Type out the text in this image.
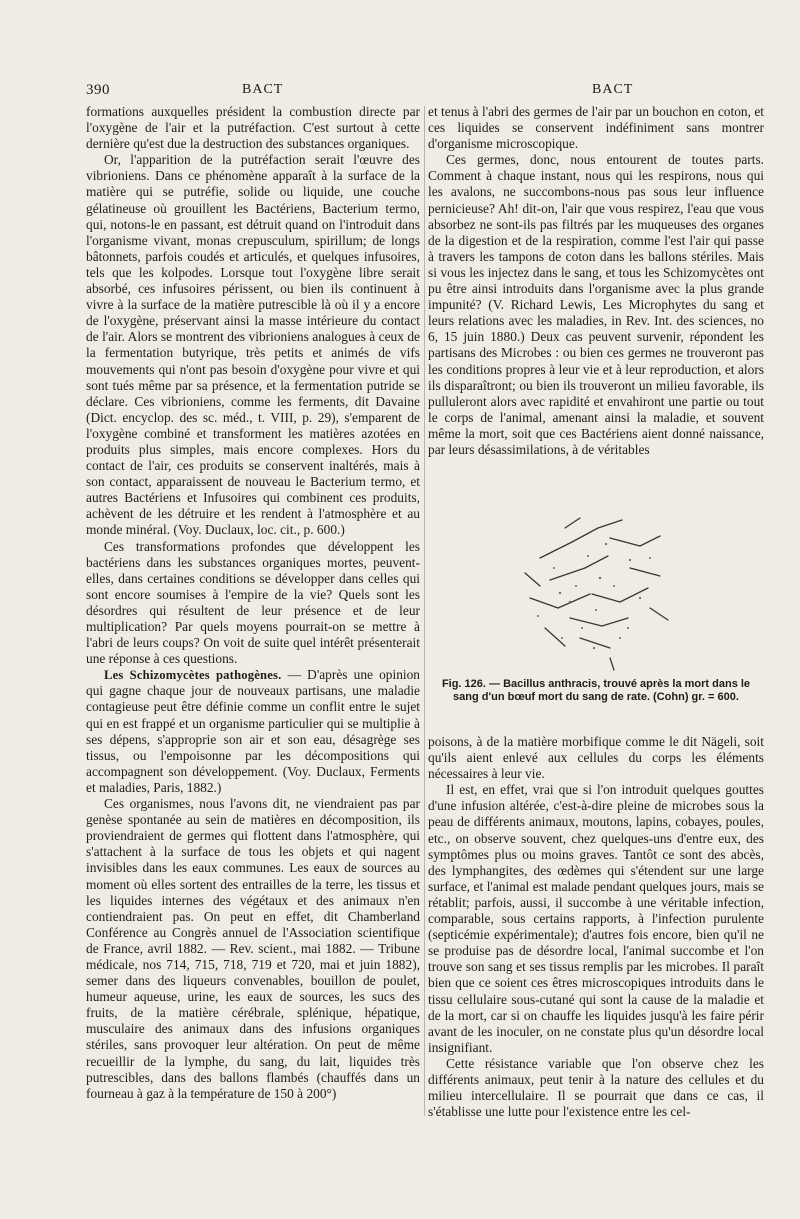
390	BACT	BACT

formations auxquelles président la combustion directe par l'oxygène de l'air et la putréfaction. C'est surtout à cette dernière qu'est due la destruction des substances organiques.

Or, l'apparition de la putréfaction serait l'œuvre des vibrioniens. Dans ce phénomène apparaît à la surface de la matière qui se putréfie, solide ou liquide, une couche gélatineuse où grouillent les Bactériens, Bacterium termo, qui, notons-le en passant, est détruit quand on l'introduit dans l'organisme vivant, monas crepusculum, spirillum; de longs bâtonnets, parfois coudés et articulés, et quelques infusoires, tels que les kolpodes. Lorsque tout l'oxygène libre serait absorbé, ces infusoires périssent, ou bien ils continuent à vivre à la surface de la matière putrescible là où il y a encore de l'oxygène, préservant ainsi la masse intérieure du contact de l'air. Alors se montrent des vibrioniens analogues à ceux de la fermentation butyrique, très petits et animés de vifs mouvements qui n'ont pas besoin d'oxygène pour vivre et qui sont tués même par sa présence, et la fermentation putride se déclare. Ces vibrioniens, comme les ferments, dit Davaine (Dict. encyclop. des sc. méd., t. VIII, p. 29), s'emparent de l'oxygène combiné et transforment les matières azotées en produits plus simples, mais encore complexes. Hors du contact de l'air, ces produits se conservent inaltérés, mais à son contact, apparaissent de nouveau le Bacterium termo, et autres Bactériens et Infusoires qui combinent ces produits, achèvent de les détruire et les rendent à l'atmosphère et au monde minéral. (Voy. Duclaux, loc. cit., p. 600.)

Ces transformations profondes que développent les bactériens dans les substances organiques mortes, peuvent-elles, dans certaines conditions se développer dans celles qui sont encore soumises à l'empire de la vie? Quels sont les désordres qui résultent de leur présence et de leur multiplication? Par quels moyens pourrait-on se mettre à l'abri de leurs coups? On voit de suite quel intérêt présenterait une réponse à ces questions.

Les Schizomycètes pathogènes. — D'après une opinion qui gagne chaque jour de nouveaux partisans, une maladie contagieuse peut être définie comme un conflit entre le sujet qui en est frappé et un organisme particulier qui se multiplie à ses dépens, s'approprie son air et son eau, désagrège ses tissus, ou l'empoisonne par les décompositions qui accompagnent son développement. (Voy. Duclaux, Ferments et maladies, Paris, 1882.)

Ces organismes, nous l'avons dit, ne viendraient pas par genèse spontanée au sein de matières en décomposition, ils proviendraient de germes qui flottent dans l'atmosphère, qui s'attachent à la surface de tous les objets et qui nagent invisibles dans les eaux communes. Les eaux de sources au moment où elles sortent des entrailles de la terre, les tissus et les liquides internes des végétaux et des animaux n'en contiendraient pas. On peut en effet, dit Chamberland Conférence au Congrès annuel de l'Association scientifique de France, avril 1882. — Rev. scient., mai 1882. — Tribune médicale, nos 714, 715, 718, 719 et 720, mai et juin 1882), semer dans des liqueurs convenables, bouillon de poulet, humeur aqueuse, urine, les eaux de sources, les sucs des fruits, de la matière cérébrale, splénique, hépatique, musculaire des animaux dans des infusions organiques stériles, sans provoquer leur altération. On peut de même recueillir de la lymphe, du sang, du lait, liquides très putrescibles, dans des ballons flambés (chauffés dans un fourneau à gaz à la température de 150 à 200°)

et tenus à l'abri des germes de l'air par un bouchon en coton, et ces liquides se conservent indéfiniment sans montrer d'organisme microscopique.

Ces germes, donc, nous entourent de toutes parts. Comment à chaque instant, nous qui les respirons, nous qui les avalons, ne succombons-nous pas sous leur influence pernicieuse? Ah! dit-on, l'air que vous respirez, l'eau que vous absorbez ne sont-ils pas filtrés par les muqueuses des organes de la digestion et de la respiration, comme l'est l'air qui passe à travers les tampons de coton dans les ballons stériles. Mais si vous les injectez dans le sang, et tous les Schizomycètes ont pu être ainsi introduits dans l'organisme avec la plus grande impunité? (V. Richard Lewis, Les Microphytes du sang et leurs relations avec les maladies, in Rev. Int. des sciences, no 6, 15 juin 1880.) Deux cas peuvent survenir, répondent les partisans des Microbes : ou bien ces germes ne trouveront pas les conditions propres à leur vie et à leur reproduction, et alors ils disparaîtront; ou bien ils trouveront un milieu favorable, ils pulluleront alors avec rapidité et envahiront une partie ou tout le corps de l'animal, amenant ainsi la maladie, et souvent même la mort, soit que ces Bactériens aient donné naissance, par leurs désassimilations, à de véritables

Fig. 126. — Bacillus anthracis, trouvé après la mort dans le sang d'un bœuf mort du sang de rate. (Cohn) gr. = 600.

poisons, à de la matière morbifique comme le dit Nägeli, soit qu'ils aient enlevé aux cellules du corps les éléments nécessaires à leur vie.

Il est, en effet, vrai que si l'on introduit quelques gouttes d'une infusion altérée, c'est-à-dire pleine de microbes sous la peau de différents animaux, moutons, lapins, cobayes, poules, etc., on observe souvent, chez quelques-uns d'entre eux, des symptômes plus ou moins graves. Tantôt ce sont des abcès, des lymphangites, des œdèmes qui s'étendent sur une large surface, et l'animal est malade pendant quelques jours, mais se rétablit; parfois, aussi, il succombe à une véritable infection, comparable, sous certains rapports, à l'infection purulente (septicémie expérimentale); d'autres fois encore, bien qu'il ne se produise pas de désordre local, l'animal succombe et l'on trouve son sang et ses tissus remplis par les microbes. Il paraît bien que ce soient ces êtres microscopiques introduits dans le tissu cellulaire sous-cutané qui sont la cause de la maladie et de la mort, car si on chauffe les liquides jusqu'à les faire périr avant de les inoculer, on ne constate plus qu'un désordre local insignifiant.

Cette résistance variable que l'on observe chez les différents animaux, peut tenir à la nature des cellules et du milieu intercellulaire. Il se pourrait que dans ce cas, il s'établisse une lutte pour l'existence entre les cel-
